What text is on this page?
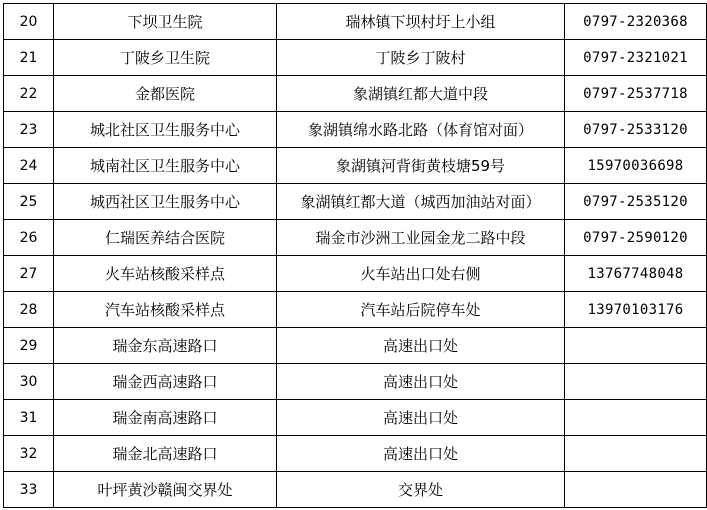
20	下坝卫生院	瑞林镇下坝村圩上小组	0797-2320368
21	丁陂乡卫生院	丁陂乡丁陂村	0797-2321021
22	金都医院	象湖镇红都大道中段	0797-2537718
23	城北社区卫生服务中心	象湖镇绵水路北路（体育馆对面）	0797-2533120
24	城南社区卫生服务中心	象湖镇河背街黄枝塘59号	15970036698
25	城西社区卫生服务中心	象湖镇红都大道（城西加油站对面）	0797-2535120
26	仁瑞医养结合医院	瑞金市沙洲工业园金龙二路中段	0797-2590120
27	火车站核酸采样点	火车站出口处右侧	13767748048
28	汽车站核酸采样点	汽车站后院停车处	13970103176
29	瑞金东高速路口	高速出口处	
30	瑞金西高速路口	高速出口处	
31	瑞金南高速路口	高速出口处	
32	瑞金北高速路口	高速出口处	
33	叶坪黄沙赣闽交界处	交界处	
